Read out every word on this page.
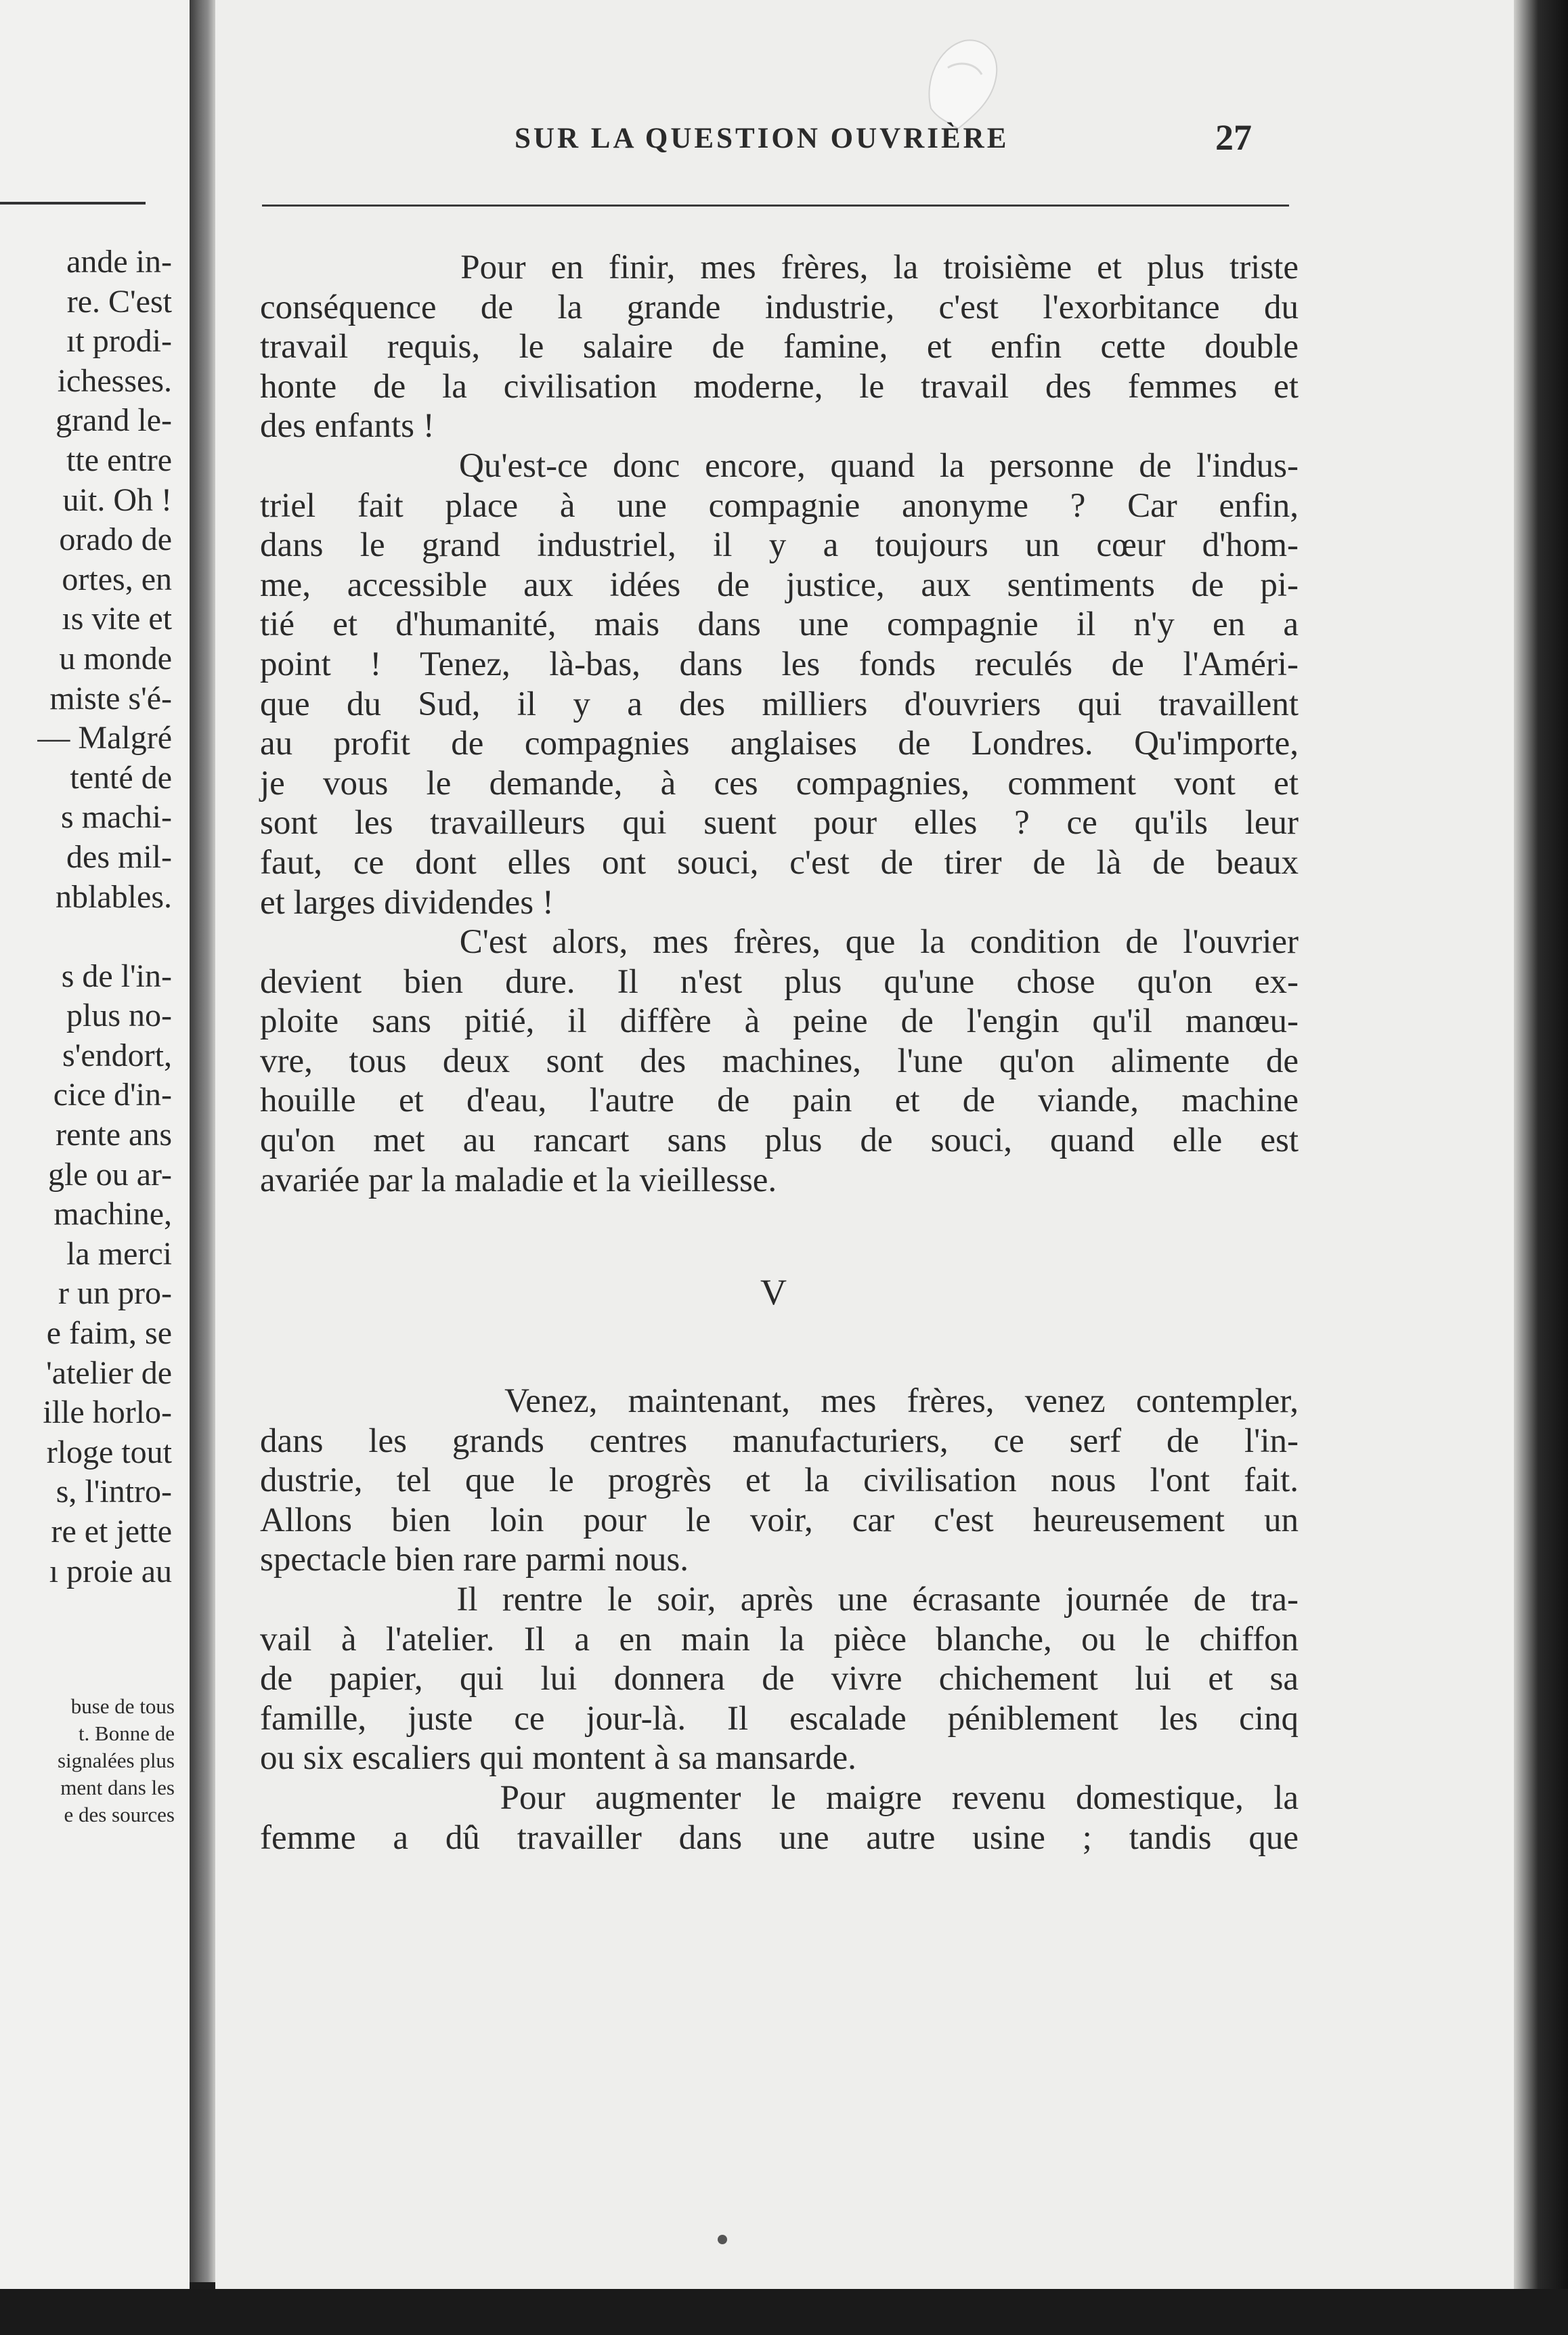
ande in-
re. C'est
ıt prodi-
ichesses.
grand le-
tte entre
uit. Oh !
orado de
ortes, en
ıs vite et
u monde
miste s'é-
— Malgré
tenté de
s machi-
des mil-
nblables.

s de l'in-
plus no-
s'endort,
cice d'in-
rente ans
gle ou ar-
machine,
la merci
r un pro-
e faim, se
'atelier de
ille horlo-
rloge tout
s, l'intro-
re et jette
ı proie au
buse de tous
t. Bonne de
signalées plus
ment dans les
e des sources
SUR LA QUESTION OUVRIÈRE	27
Pour en finir, mes frères, la troisième et plus triste
conséquence de la grande industrie, c'est l'exorbitance du
travail requis, le salaire de famine, et enfin cette double
honte de la civilisation moderne, le travail des femmes et
des enfants !
Qu'est-ce donc encore, quand la personne de l'indus-
triel fait place à une compagnie anonyme ? Car enfin,
dans le grand industriel, il y a toujours un cœur d'hom-
me, accessible aux idées de justice, aux sentiments de pi-
tié et d'humanité, mais dans une compagnie il n'y en a
point ! Tenez, là-bas, dans les fonds reculés de l'Améri-
que du Sud, il y a des milliers d'ouvriers qui travaillent
au profit de compagnies anglaises de Londres. Qu'importe,
je vous le demande, à ces compagnies, comment vont et
sont les travailleurs qui suent pour elles ? ce qu'ils leur
faut, ce dont elles ont souci, c'est de tirer de là de beaux
et larges dividendes !
C'est alors, mes frères, que la condition de l'ouvrier
devient bien dure. Il n'est plus qu'une chose qu'on ex-
ploite sans pitié, il diffère à peine de l'engin qu'il manœu-
vre, tous deux sont des machines, l'une qu'on alimente de
houille et d'eau, l'autre de pain et de viande, machine
qu'on met au rancart sans plus de souci, quand elle est
avariée par la maladie et la vieillesse.
V
Venez, maintenant, mes frères, venez contempler,
dans les grands centres manufacturiers, ce serf de l'in-
dustrie, tel que le progrès et la civilisation nous l'ont fait.
Allons bien loin pour le voir, car c'est heureusement un
spectacle bien rare parmi nous.
Il rentre le soir, après une écrasante journée de tra-
vail à l'atelier. Il a en main la pièce blanche, ou le chiffon
de papier, qui lui donnera de vivre chichement lui et sa
famille, juste ce jour-là. Il escalade péniblement les cinq
ou six escaliers qui montent à sa mansarde.
Pour augmenter le maigre revenu domestique, la
femme a dû travailler dans une autre usine ; tandis que
